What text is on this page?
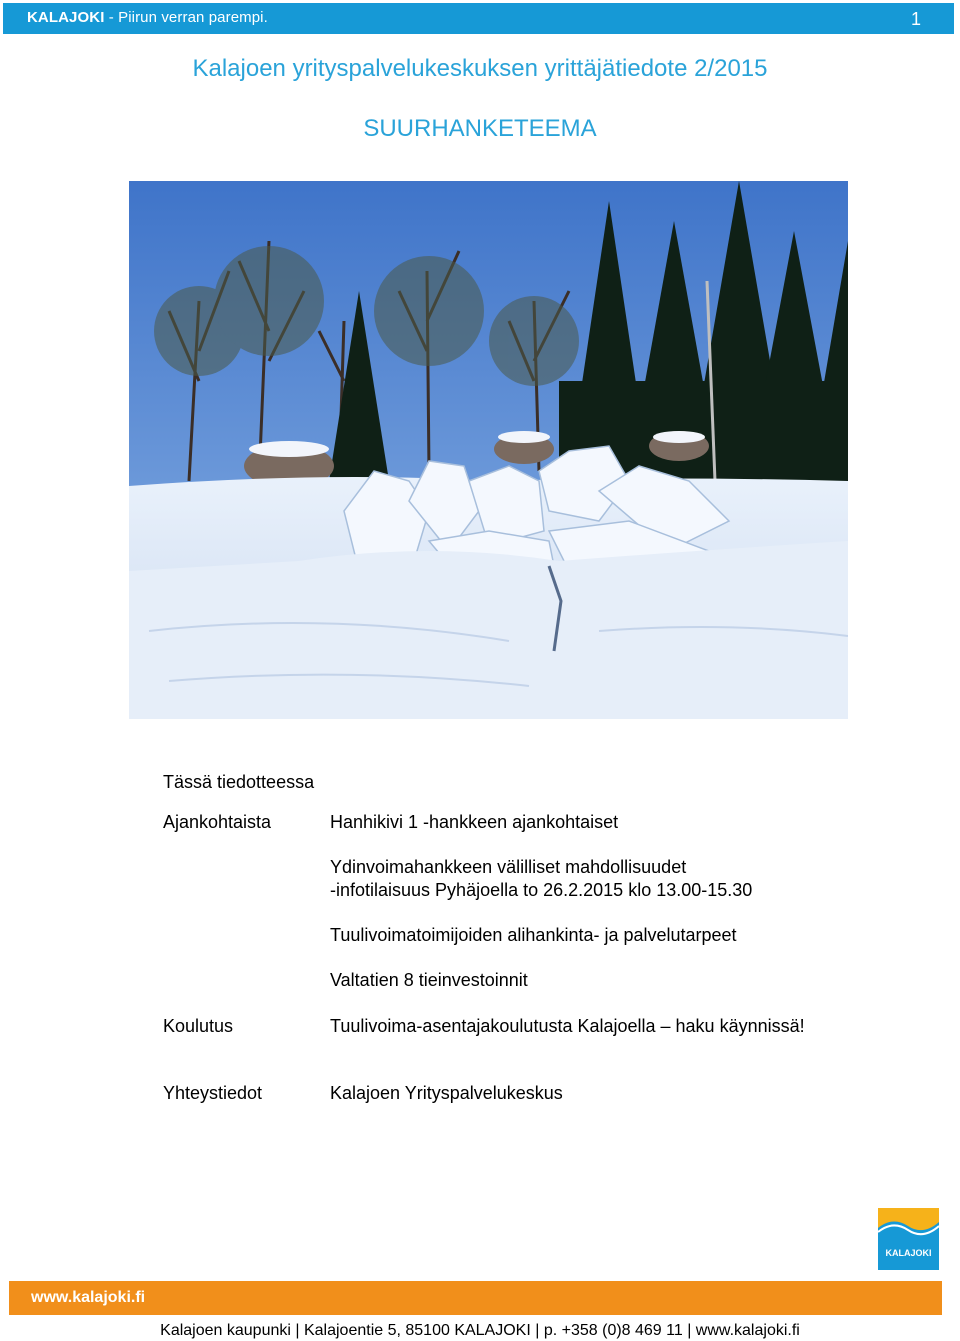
KALAJOKI - Piirun verran parempi.	1
Kalajoen yrityspalvelukeskuksen yrittäjätiedote 2/2015
SUURHANKETEEMA
Tässä tiedotteessa
Ajankohtaista	Hanhikivi 1 -hankkeen ajankohtaiset
Ydinvoimahankkeen välilliset mahdollisuudet
-infotilaisuus Pyhäjoella to 26.2.2015 klo 13.00-15.30
Tuulivoimatoimijoiden alihankinta- ja palvelutarpeet
Valtatien 8 tieinvestoinnit
Koulutus	Tuulivoima-asentajakoulutusta Kalajoella – haku käynnissä!
Yhteystiedot	Kalajoen Yrityspalvelukeskus
KALAJOKI
www.kalajoki.fi
Kalajoen kaupunki | Kalajoentie 5, 85100 KALAJOKI | p. +358 (0)8 469 11 | www.kalajoki.fi
